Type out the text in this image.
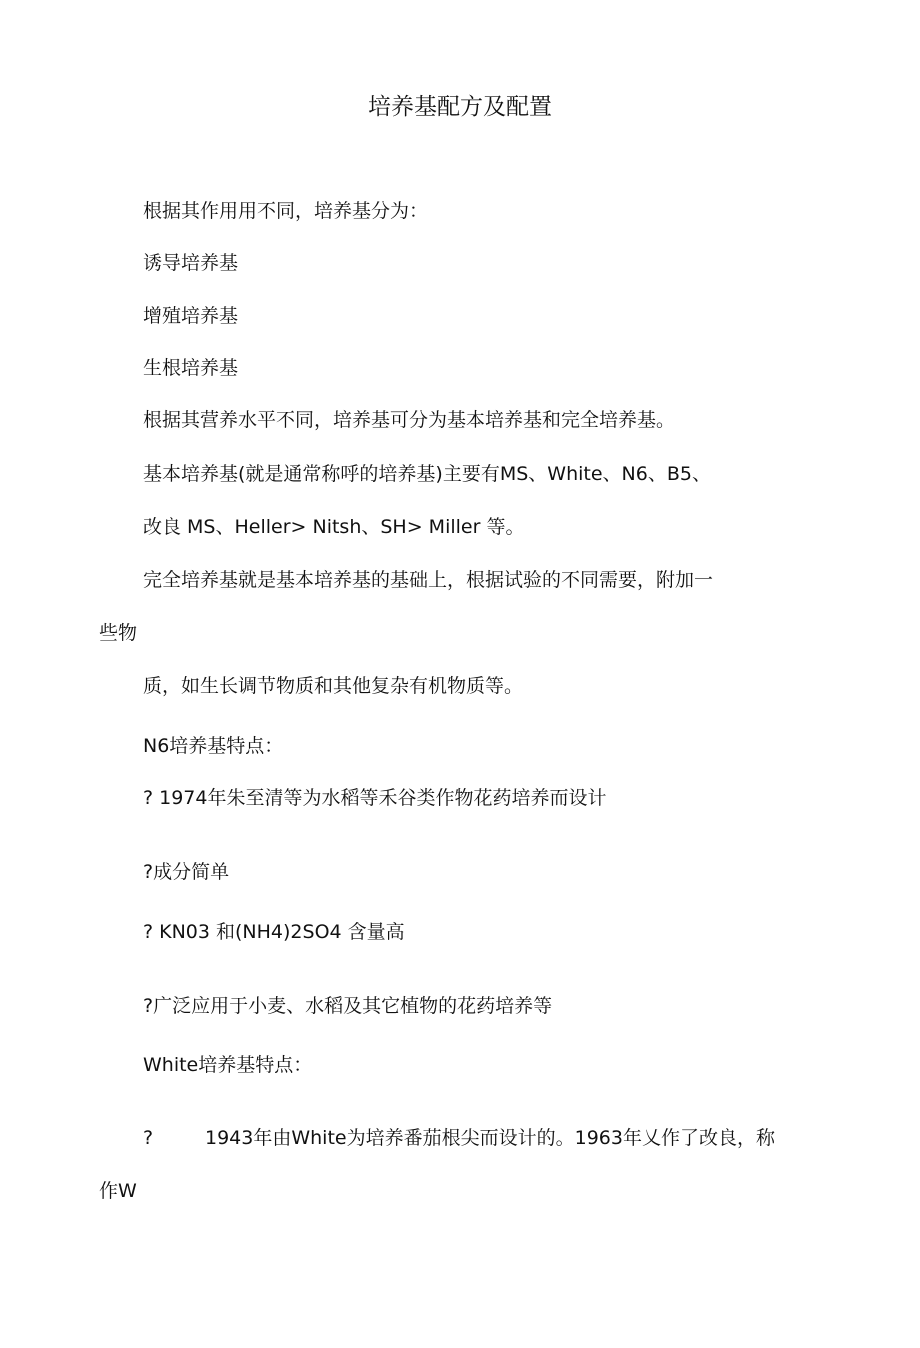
培养基配方及配置
根据其作用用不同，培养基分为：
诱导培养基
增殖培养基
生根培养基
根据其营养水平不同，培养基可分为基本培养基和完全培养基。
基本培养基(就是通常称呼的培养基)主要有MS、White、N6、B5、
改良 MS、Heller> Nitsh、SH> Miller 等。
完全培养基就是基本培养基的基础上，根据试验的不同需要，附加一
些物
质，如生长调节物质和其他复杂有机物质等。
N6培养基特点：
? 1974年朱至清等为水稻等禾谷类作物花药培养而设计
?成分简单
? KN03 和(NH4)2SO4 含量高
?广泛应用于小麦、水稻及其它植物的花药培养等
White培养基特点：
?	1943年由White为培养番茄根尖而设计的。1963年乂作了改良，称
作W
